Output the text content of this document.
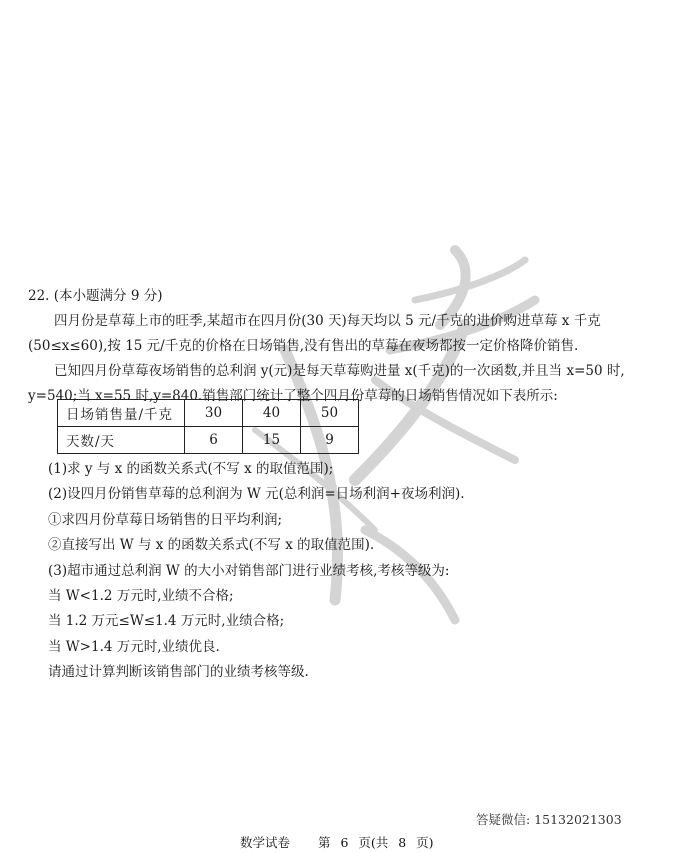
22. (本小题满分 9 分)
四月份是草莓上市的旺季,某超市在四月份(30 天)每天均以 5 元/千克的进价购进草莓 x 千克
(50≤x≤60),按 15 元/千克的价格在日场销售,没有售出的草莓在夜场都按一定价格降价销售.
已知四月份草莓夜场销售的总利润 y(元)是每天草莓购进量 x(千克)的一次函数,并且当 x=50 时,
y=540;当 x=55 时,y=840.销售部门统计了整个四月份草莓的日场销售情况如下表所示:
日场销售量/千克	30	40	50
天数/天	6	15	9
(1)求 y 与 x 的函数关系式(不写 x 的取值范围);
(2)设四月份销售草莓的总利润为 W 元(总利润=日场利润+夜场利润).
①求四月份草莓日场销售的日平均利润;
②直接写出 W 与 x 的函数关系式(不写 x 的取值范围).
(3)超市通过总利润 W 的大小对销售部门进行业绩考核,考核等级为:
当 W<1.2 万元时,业绩不合格;
当 1.2 万元≤W≤1.4 万元时,业绩合格;
当 W>1.4 万元时,业绩优良.
请通过计算判断该销售部门的业绩考核等级.
答疑微信: 15132021303
数学试卷 第 6 页(共 8 页)
